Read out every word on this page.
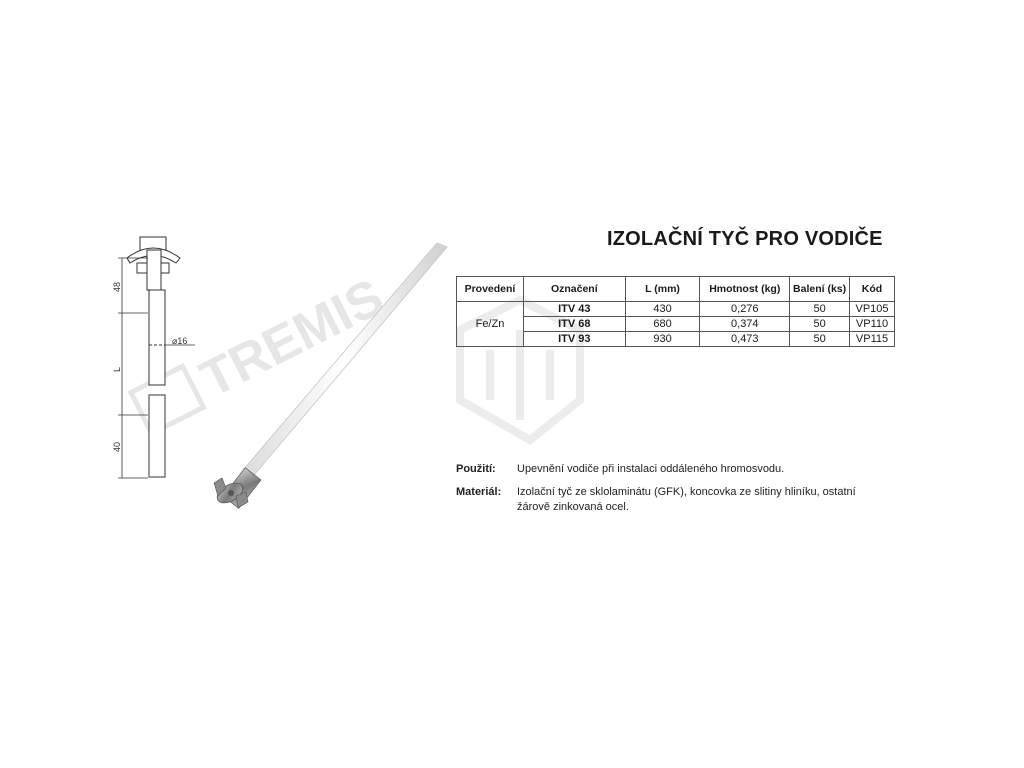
TREMIS
48
L
40
⌀16
IZOLAČNÍ TYČ PRO VODIČE
Provedení	Označení	L (mm)	Hmotnost (kg)	Balení (ks)	Kód
Fe/Zn	ITV 43	430	0,276	50	VP105
	ITV 68	680	0,374	50	VP110
	ITV 93	930	0,473	50	VP115
Použití: Upevnění vodiče při instalaci oddáleného hromosvodu.
Materiál: Izolační tyč ze sklolaminátu (GFK), koncovka ze slitiny hliníku, ostatní žárově zinkovaná ocel.
